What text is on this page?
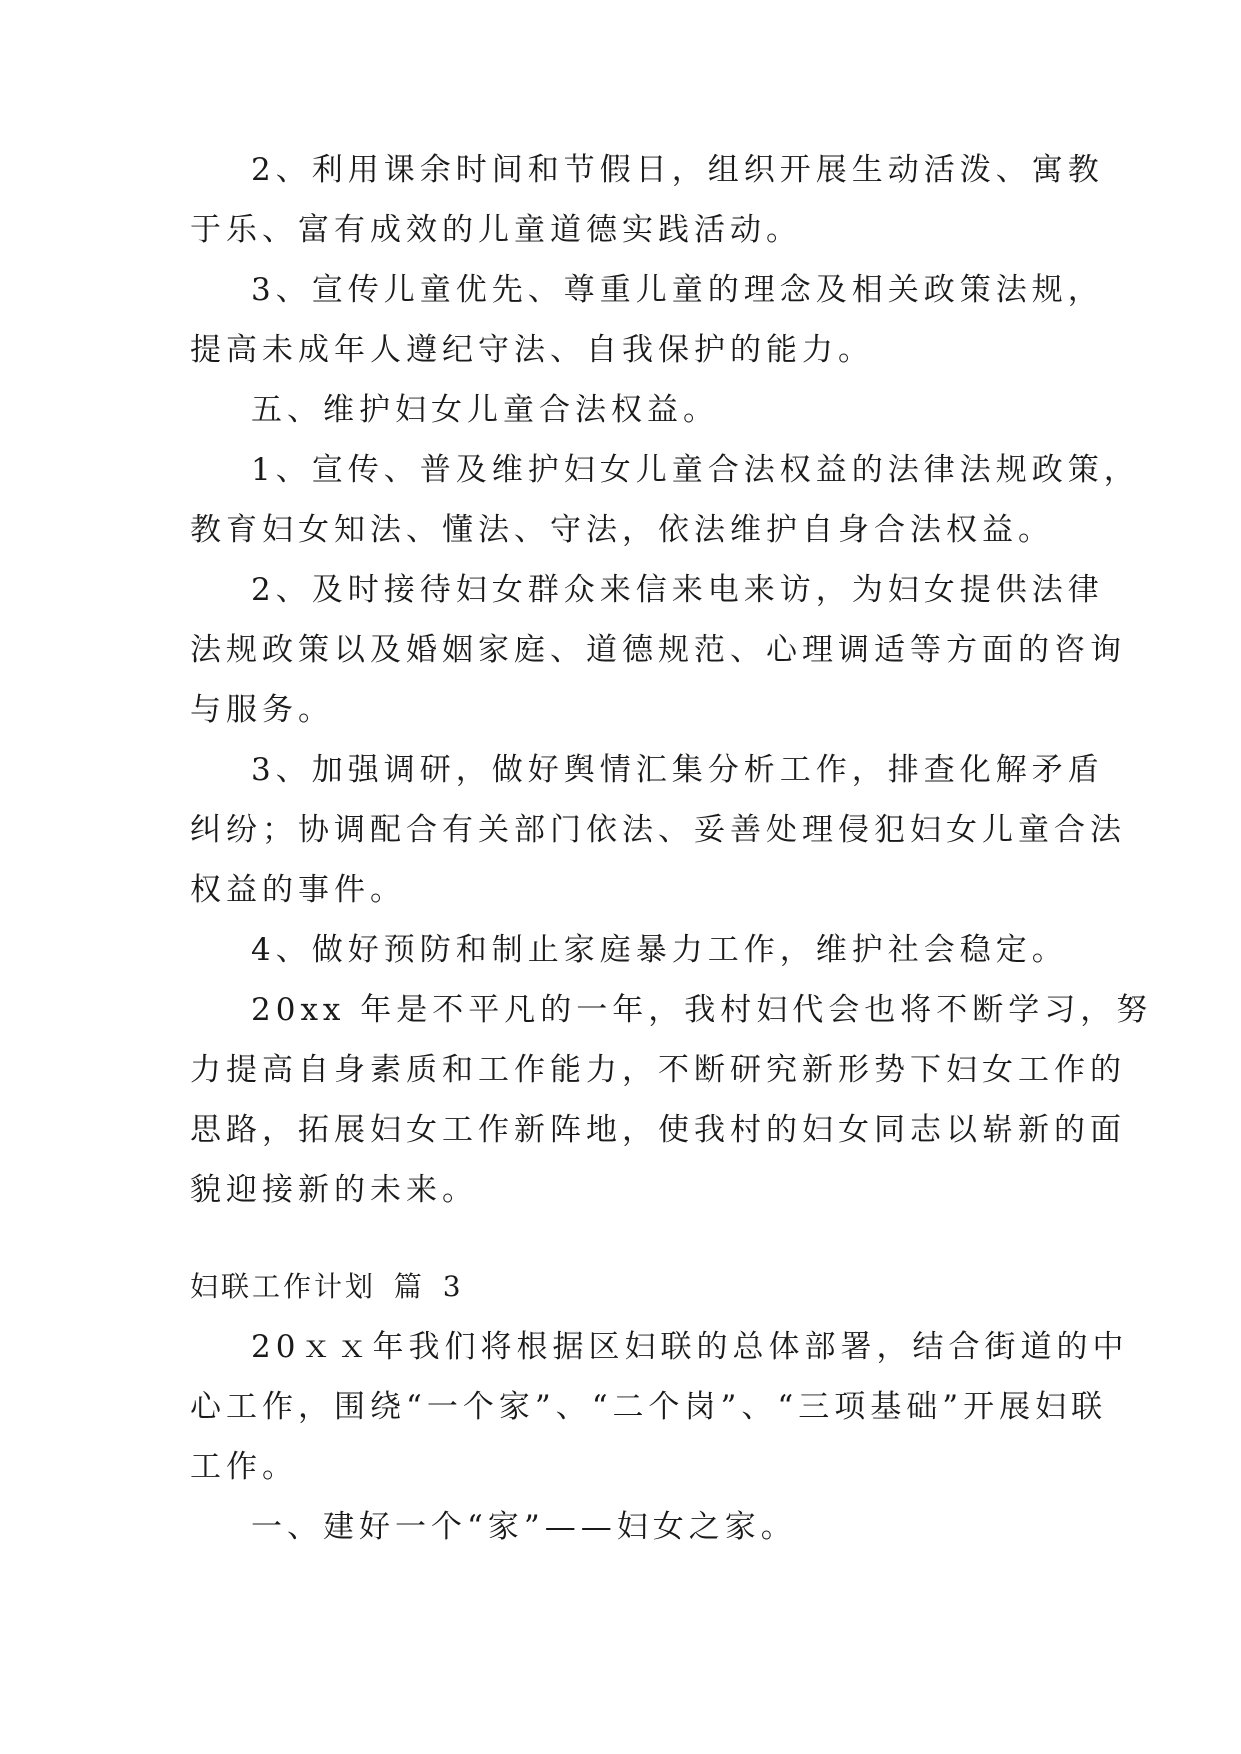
2、利用课余时间和节假日，组织开展生动活泼、寓教
于乐、富有成效的儿童道德实践活动。
3、宣传儿童优先、尊重儿童的理念及相关政策法规，
提高未成年人遵纪守法、自我保护的能力。
五、维护妇女儿童合法权益。
1、宣传、普及维护妇女儿童合法权益的法律法规政策，
教育妇女知法、懂法、守法，依法维护自身合法权益。
2、及时接待妇女群众来信来电来访，为妇女提供法律
法规政策以及婚姻家庭、道德规范、心理调适等方面的咨询
与服务。
3、加强调研，做好舆情汇集分析工作，排查化解矛盾
纠纷；协调配合有关部门依法、妥善处理侵犯妇女儿童合法
权益的事件。
4、做好预防和制止家庭暴力工作，维护社会稳定。
20xx 年是不平凡的一年，我村妇代会也将不断学习，努
力提高自身素质和工作能力，不断研究新形势下妇女工作的
思路，拓展妇女工作新阵地，使我村的妇女同志以崭新的面
貌迎接新的未来。
妇联工作计划 篇 3
20ｘｘ年我们将根据区妇联的总体部署，结合街道的中
心工作，围绕“一个家”、“二个岗”、“三项基础”开展妇联
工作。
一、建好一个“家”——妇女之家。
